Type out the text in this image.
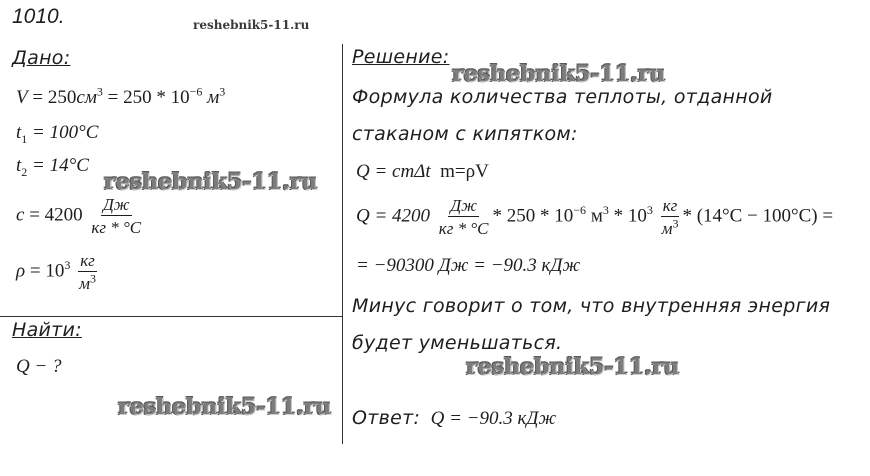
1010.	reshebnik5-11.ru
Дано:
$V = 250см^3 = 250 * 10^{-6}$ $м^3$
$t_1 = 100^\circ C$
$t_2 = 14^\circ C$
reshebnik5-11.ru
$c = 4200 \frac{Дж}{кг * ^\circ C}$
$\rho = 10^3 \frac{кг}{м^3}$
Найти:
Q − ?
reshebnik5-11.ru
Решение:
reshebnik5-11.ru
Формула количества теплоты, отданной
стаканом с кипятком:
Q = cmΔt m=ρV
$Q = 4200 \frac{Дж}{кг * ^\circ C} * 250 * 10^{-6}$ $м^3 * 10^3 \frac{кг}{м^3} * (14^\circ C - 100^\circ C)$ =
= −90300 Дж = −90.3 кДж
Минус говорит о том, что внутренняя энергия
будет уменьшаться.
reshebnik5-11.ru
Ответ: Q = −90.3 кДж
